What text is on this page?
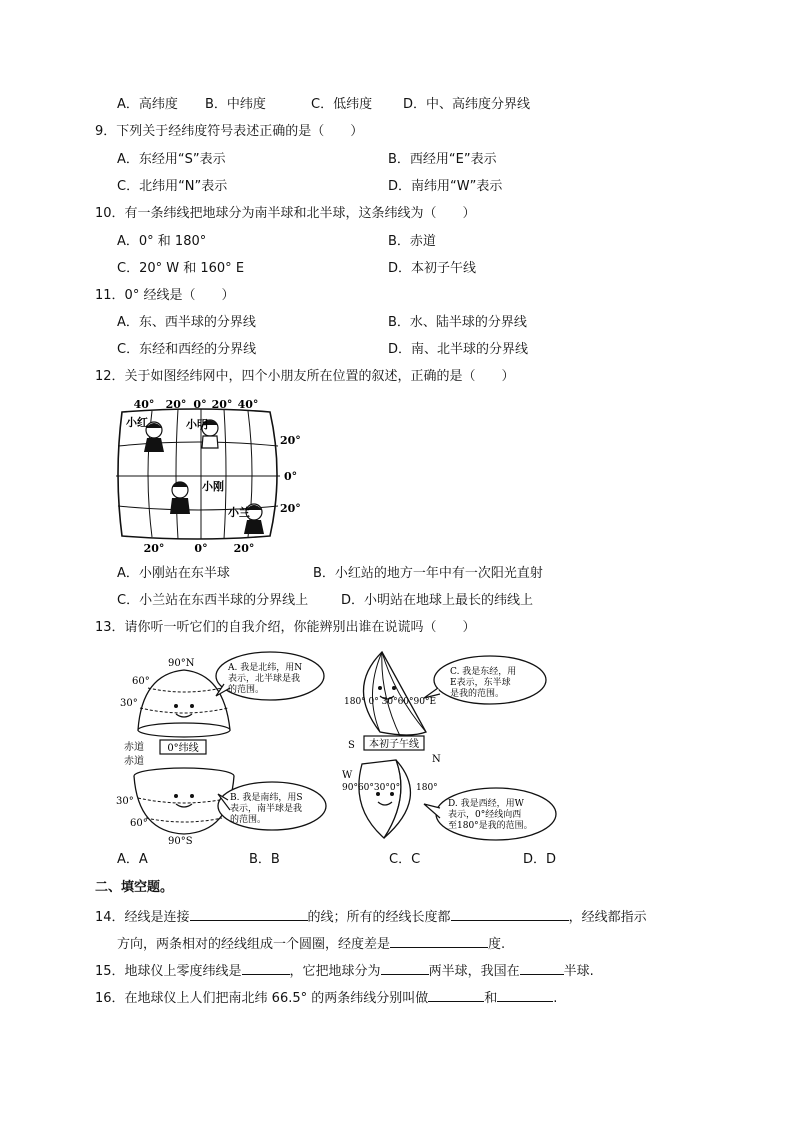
A．高纬度 B．中纬度	C．低纬度 D．中、高纬度分界线
9．下列关于经纬度符号表述正确的是（　　）
A．东经用“S”表示	B．西经用“E”表示
C．北纬用“N”表示	D．南纬用“W”表示
10．有一条纬线把地球分为南半球和北半球，这条纬线为（　　）
A．0° 和 180°	B．赤道
C．20° W 和 160° E	D．本初子午线
11．0° 经线是（　　）
A．东、西半球的分界线	B．水、陆半球的分界线
C．东经和西经的分界线	D．南、北半球的分界线
12．关于如图经纬网中，四个小朋友所在位置的叙述，正确的是（　　）
40° 20° 0° 20° 40°
20°
0°
20°
20°	0° 20°
小红	小明
小刚
小兰
A．小刚站在东半球	B．小红站的地方一年中有一次阳光直射
C．小兰站在东西半球的分界线上	D．小明站在地球上最长的纬线上
13．请你听一听它们的自我介绍，你能辨别出谁在说谎吗（　　）
90°N
60°
30°
A. 我是北纬，用N
表示，北半球是我
的范围。
赤道
赤道
0°纬线
30°
60°
90°S
B. 我是南纬，用S
表示，南半球是我
的范围。
180° 0° 30°60°90°E
C. 我是东经，用
E表示，东半球
是我的范围。
S 本初子午线
N
W
90°60°30°0° 180°
D. 我是西经，用W
表示，0°经线向西
至180°是我的范围。
A．A	B．B	C．C	D．D
二、填空题。
14．经线是连接	的线；所有的经线长度都	，经线都指示
方向，两条相对的经线组成一个圆圈，经度差是	度.
15．地球仪上零度纬线是	，它把地球分为	两半球，我国在	半球.
16．在地球仪上人们把南北纬 66.5° 的两条纬线分别叫做	和	.
